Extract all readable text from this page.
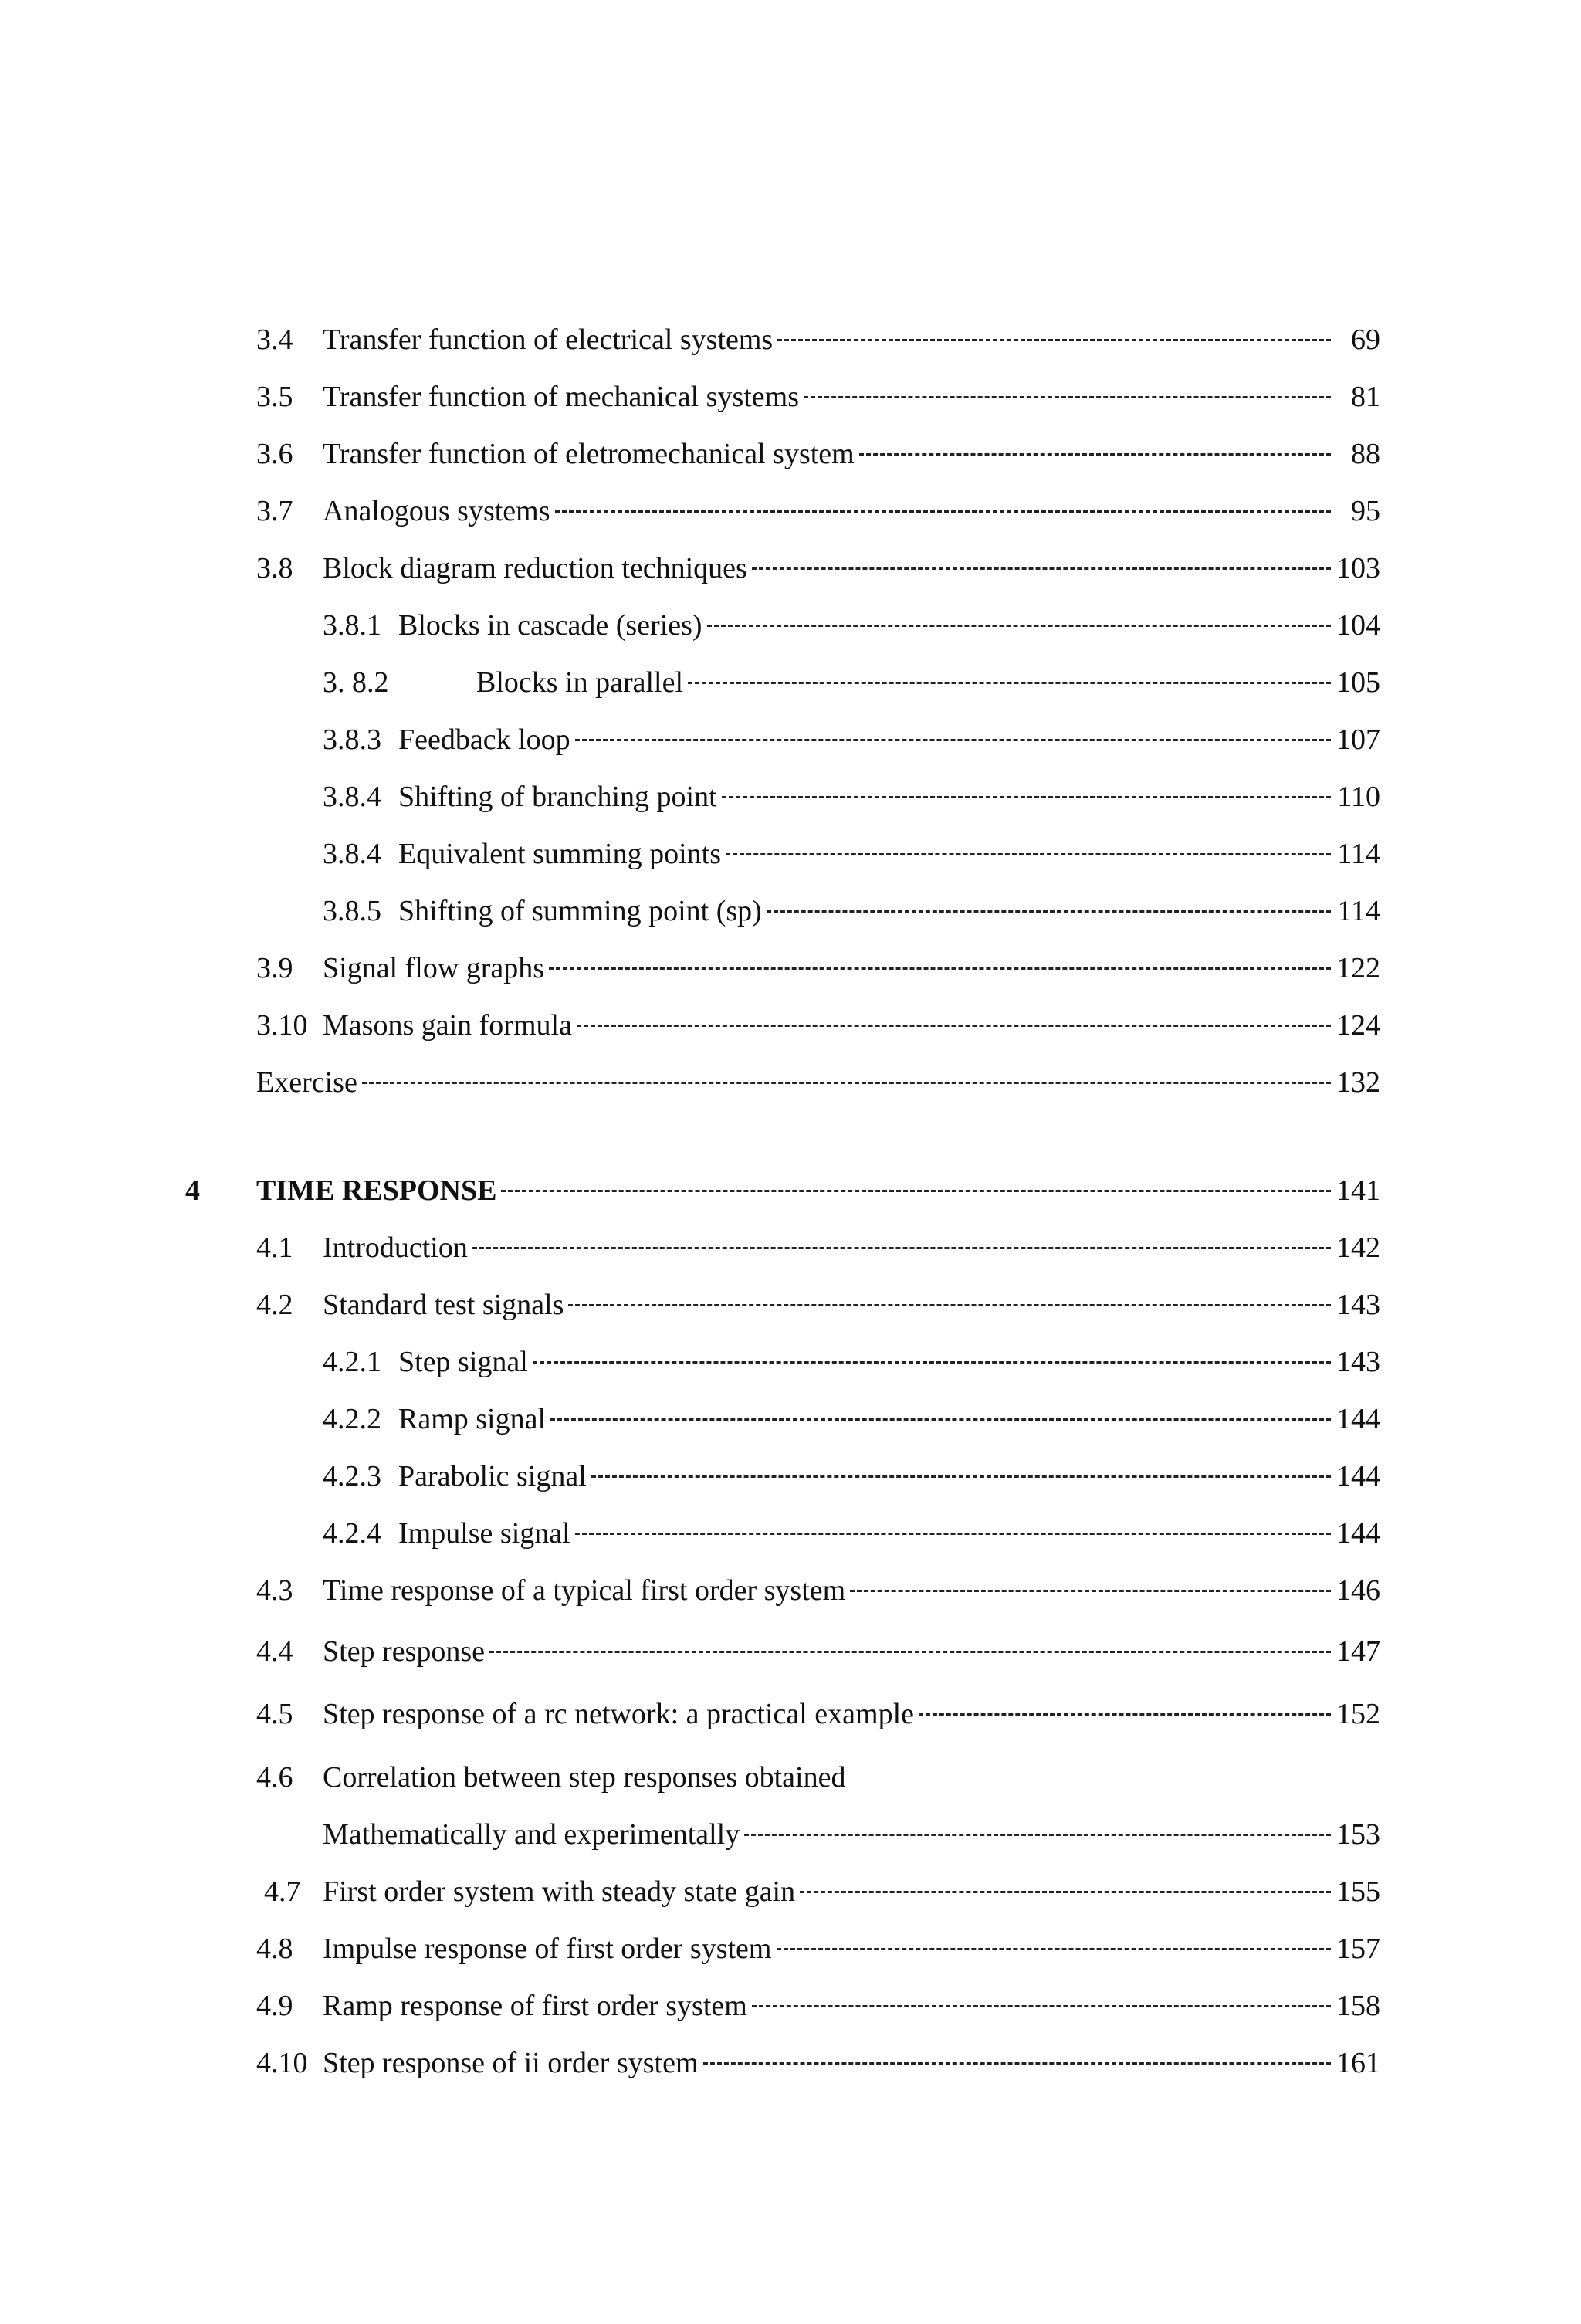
3.4 Transfer function of electrical systems	69
3.5 Transfer function of mechanical systems	81
3.6 Transfer function of eletromechanical system	88
3.7 Analogous systems	95
3.8 Block diagram reduction techniques	103
3.8.1 Blocks in cascade (series)	104
3. 8.2	Blocks in parallel	105
3.8.3 Feedback loop	107
3.8.4 Shifting of branching point	110
3.8.4 Equivalent summing points	114
3.8.5 Shifting of summing point (sp)	114
3.9 Signal flow graphs	122
3.10 Masons gain formula	124
Exercise	132
4 TIME RESPONSE	141
4.1 Introduction	142
4.2 Standard test signals	143
4.2.1 Step signal	143
4.2.2 Ramp signal	144
4.2.3 Parabolic signal	144
4.2.4 Impulse signal	144
4.3 Time response of a typical first order system	146
4.4 Step response	147
4.5 Step response of a rc network: a practical example	152
4.6 Correlation between step responses obtained
Mathematically and experimentally	153
4.7 First order system with steady state gain	155
4.8 Impulse response of first order system	157
4.9 Ramp response of first order system	158
4.10 Step response of ii order system	161
